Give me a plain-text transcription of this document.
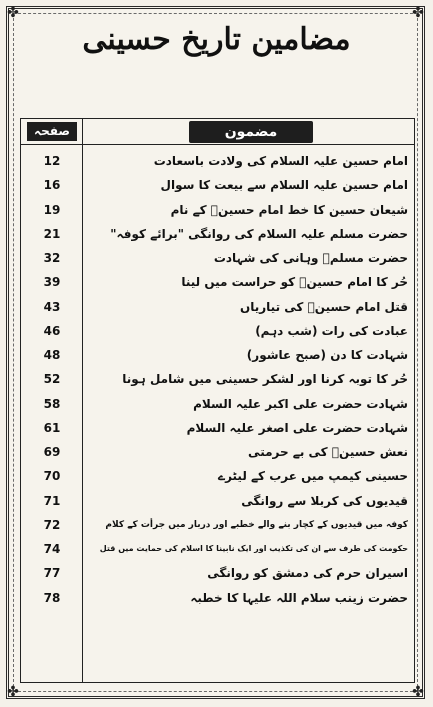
✤	✤
✤	✤
مضامین تاریخ حسینی
صفحہ	مضمون
12	امام حسین علیہ السلام کی ولادت باسعادت
16	امام حسین علیہ السلام سے بیعت کا سوال
19	شیعان حسین کا خط امام حسینؑ کے نام
21	حضرت مسلم علیہ السلام کی روانگی "برائے کوفہ"
32	حضرت مسلمؑ وہانی کی شہادت
39	حُر کا امام حسینؑ کو حراست میں لینا
43	قتل امام حسینؑ کی تیاریاں
46	عبادت کی رات (شب دہم)
48	شہادت کا دن (صبح عاشور)
52	حُر کا توبہ کرنا اور لشکر حسینی میں شامل ہونا
58	شہادت حضرت علی اکبر علیہ السلام
61	شہادت حضرت علی اصغر علیہ السلام
69	نعش حسینؑ کی بے حرمتی
70	حسینی کیمپ میں عرب کے لیٹرے
71	قیدیوں کی کربلا سے روانگی
72	کوفہ میں قیدیوں کے کچار بنے والے خطبے اور دربار میں جرأت کے کلام
74	حکومت کی طرف سے ان کی تکذیب اور ایک نابینا کا اسلام کی حمایت میں قتل
77	اسیران حرم کی دمشق کو روانگی
78	حضرت زینب سلام اللہ علیہا کا خطبہ
